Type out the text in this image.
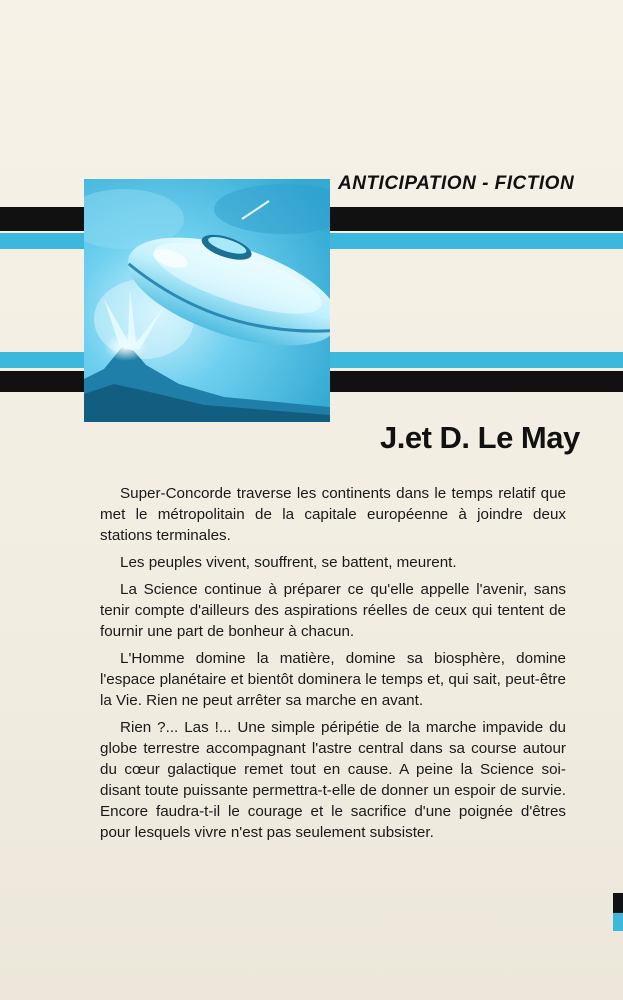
ANTICIPATION - FICTION
J.et D. Le May

Super-Concorde traverse les continents dans le temps relatif que met le métropolitain de la capitale européenne à joindre deux stations terminales.

Les peuples vivent, souffrent, se battent, meurent.

La Science continue à préparer ce qu'elle appelle l'avenir, sans tenir compte d'ailleurs des aspirations réelles de ceux qui tentent de fournir une part de bonheur à chacun.

L'Homme domine la matière, domine sa biosphère, domine l'espace planétaire et bientôt dominera le temps et, qui sait, peut-être la Vie. Rien ne peut arrêter sa marche en avant.

Rien ?... Las !... Une simple péripétie de la marche impavide du globe terrestre accompagnant l'astre central dans sa course autour du cœur galactique remet tout en cause. A peine la Science soi-disant toute puissante permettra-t-elle de donner un espoir de survie. Encore faudra-t-il le courage et le sacrifice d'une poignée d'êtres pour lesquels vivre n'est pas seulement subsister.
